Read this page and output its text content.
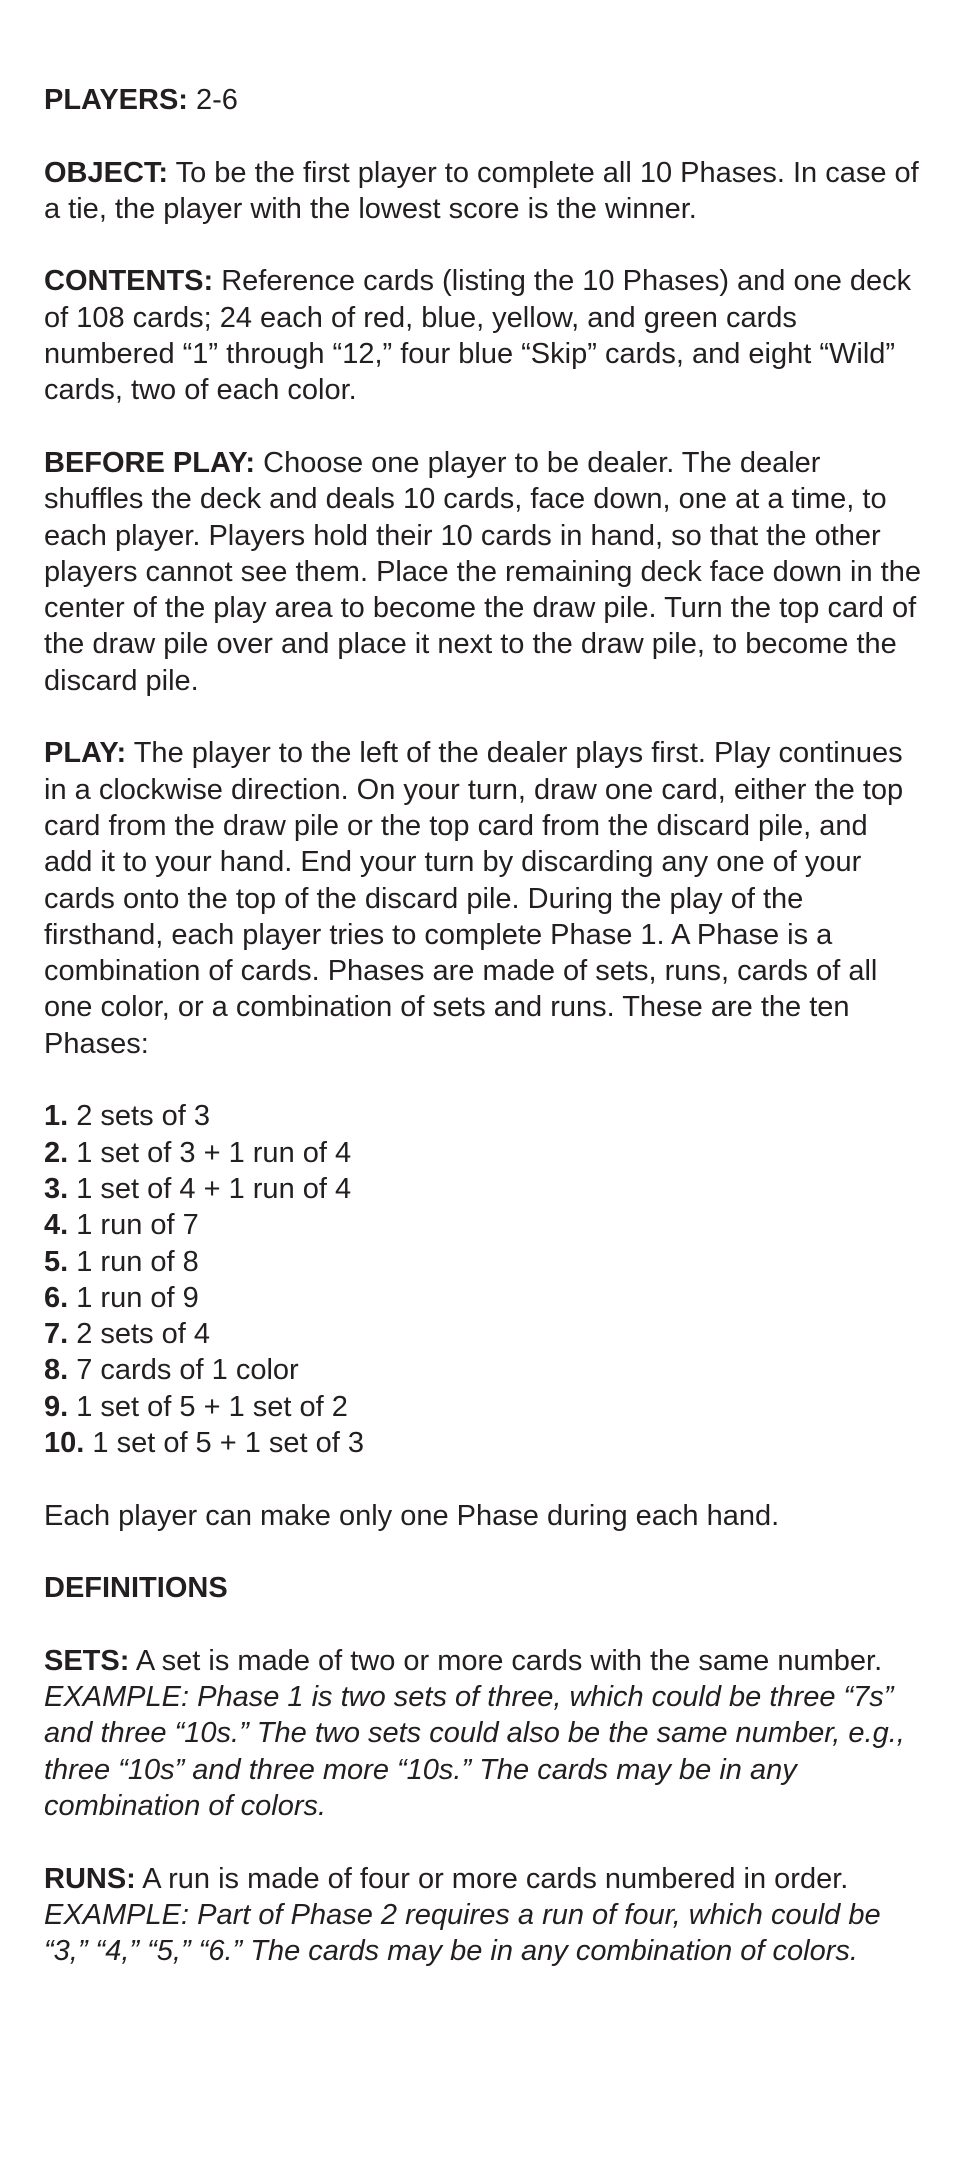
PLAYERS: 2-6

OBJECT: To be the first player to complete all 10 Phases. In case of a tie, the player with the lowest score is the winner.

CONTENTS: Reference cards (listing the 10 Phases) and one deck of 108 cards; 24 each of red, blue, yellow, and green cards numbered “1” through “12,” four blue “Skip” cards, and eight “Wild” cards, two of each color.

BEFORE PLAY: Choose one player to be dealer. The dealer shuffles the deck and deals 10 cards, face down, one at a time, to each player. Players hold their 10 cards in hand, so that the other players cannot see them. Place the remaining deck face down in the center of the play area to become the draw pile. Turn the top card of the draw pile over and place it next to the draw pile, to become the discard pile.

PLAY: The player to the left of the dealer plays first. Play continues in a clockwise direction. On your turn, draw one card, either the top card from the draw pile or the top card from the discard pile, and add it to your hand. End your turn by discarding any one of your cards onto the top of the discard pile. During the play of the firsthand, each player tries to complete Phase 1. A Phase is a combination of cards. Phases are made of sets, runs, cards of all one color, or a combination of sets and runs. These are the ten Phases:

1. 2 sets of 3
2. 1 set of 3 + 1 run of 4
3. 1 set of 4 + 1 run of 4
4. 1 run of 7
5. 1 run of 8
6. 1 run of 9
7. 2 sets of 4
8. 7 cards of 1 color
9. 1 set of 5 + 1 set of 2
10. 1 set of 5 + 1 set of 3

Each player can make only one Phase during each hand.

DEFINITIONS

SETS: A set is made of two or more cards with the same number. EXAMPLE: Phase 1 is two sets of three, which could be three “7s” and three “10s.” The two sets could also be the same number, e.g., three “10s” and three more “10s.” The cards may be in any combination of colors.

RUNS: A run is made of four or more cards numbered in order. EXAMPLE: Part of Phase 2 requires a run of four, which could be “3,” “4,” “5,” “6.” The cards may be in any combination of colors.
